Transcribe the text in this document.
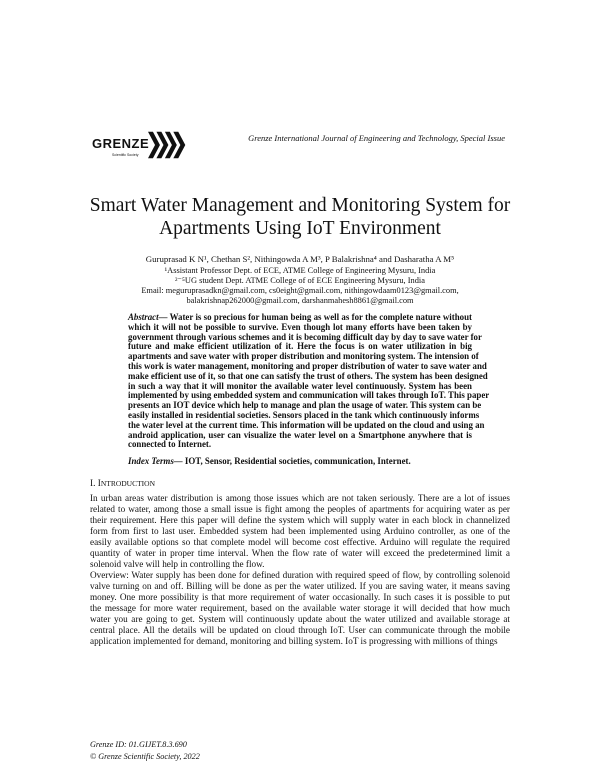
GRENZE
Scientific Society
Grenze International Journal of Engineering and Technology, Special Issue
Smart Water Management and Monitoring System for
Apartments Using IoT Environment
Guruprasad K N¹, Chethan S², Nithingowda A M³, P Balakrishna⁴ and Dasharatha A M⁵
¹Assistant Professor Dept. of ECE, ATME College of Engineering Mysuru, India
²⁻⁵UG student Dept. ATME College of of ECE Engineering Mysuru, India
Email: meguruprasadkn@gmail.com, cs0eight@gmail.com, nithingowdaam0123@gmail.com,
balakrishnap262000@gmail.com, darshanmahesh8861@gmail.com
Abstract— Water is so precious for human being as well as for the complete nature without
which it will not be possible to survive. Even though lot many efforts have been taken by
government through various schemes and it is becoming difficult day by day to save water for
future and make efficient utilization of it. Here the focus is on water utilization in big
apartments and save water with proper distribution and monitoring system. The intension of
this work is water management, monitoring and proper distribution of water to save water and
make efficient use of it, so that one can satisfy the trust of others. The system has been designed
in such a way that it will monitor the available water level continuously. System has been
implemented by using embedded system and communication will takes through IoT. This paper
presents an IOT device which help to manage and plan the usage of water. This system can be
easily installed in residential societies. Sensors placed in the tank which continuously informs
the water level at the current time. This information will be updated on the cloud and using an
android application, user can visualize the water level on a Smartphone anywhere that is
connected to Internet.
Index Terms— IOT, Sensor, Residential societies, communication, Internet.
I. INTRODUCTION
In urban areas water distribution is among those issues which are not taken seriously. There are a lot of issues
related to water, among those a small issue is fight among the peoples of apartments for acquiring water as per
their requirement. Here this paper will define the system which will supply water in each block in channelized
form from first to last user. Embedded system had been implemented using Arduino controller, as one of the
easily available options so that complete model will become cost effective. Arduino will regulate the required
quantity of water in proper time interval. When the flow rate of water will exceed the predetermined limit a
solenoid valve will help in controlling the flow.
Overview: Water supply has been done for defined duration with required speed of flow, by controlling solenoid
valve turning on and off. Billing will be done as per the water utilized. If you are saving water, it means saving
money. One more possibility is that more requirement of water occasionally. In such cases it is possible to put
the message for more water requirement, based on the available water storage it will decided that how much
water you are going to get. System will continuously update about the water utilized and available storage at
central place. All the details will be updated on cloud through IoT. User can communicate through the mobile
application implemented for demand, monitoring and billing system. IoT is progressing with millions of things
Grenze ID: 01.GIJET.8.3.690
© Grenze Scientific Society, 2022
